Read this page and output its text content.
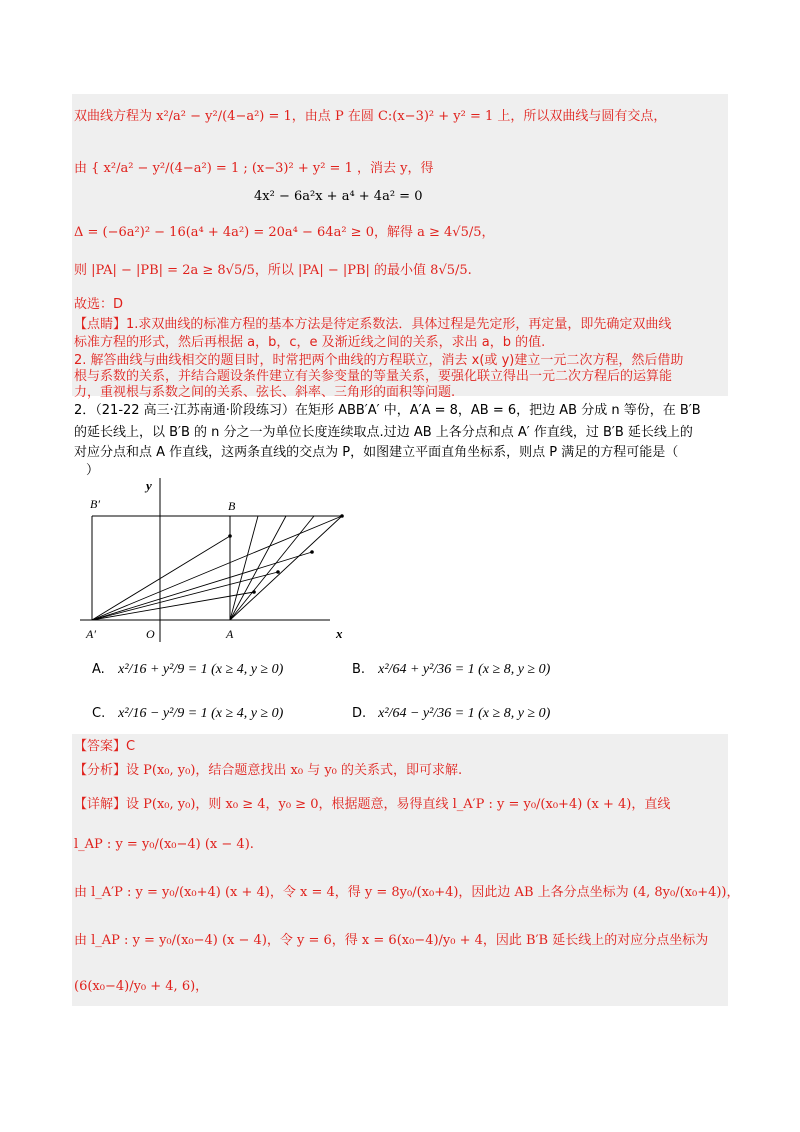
双曲线方程为 x²/a² − y²/(4−a²) = 1，由点 P 在圆 C:(x−3)² + y² = 1 上，所以双曲线与圆有交点，
由 { x²/a² − y²/(4−a²) = 1 ; (x−3)² + y² = 1 ，消去 y，得
4x² − 6a²x + a⁴ + 4a² = 0
Δ = (−6a²)² − 16(a⁴ + 4a²) = 20a⁴ − 64a² ≥ 0，解得 a ≥ 4√5/5，
则 |PA| − |PB| = 2a ≥ 8√5/5，所以 |PA| − |PB| 的最小值 8√5/5.
故选：D
【点睛】1.求双曲线的标准方程的基本方法是待定系数法．具体过程是先定形，再定量，即先确定双曲线
标准方程的形式，然后再根据 a，b，c，e 及渐近线之间的关系，求出 a，b 的值.
2. 解答曲线与曲线相交的题目时，时常把两个曲线的方程联立，消去 x(或 y)建立一元二次方程，然后借助
根与系数的关系，并结合题设条件建立有关参变量的等量关系，要强化联立得出一元二次方程后的运算能
力，重视根与系数之间的关系、弦长、斜率、三角形的面积等问题.
2．（21-22 高三·江苏南通·阶段练习）在矩形 ABB′A′ 中，A′A = 8，AB = 6，把边 AB 分成 n 等份，在 B′B
的延长线上，以 B′B 的 n 分之一为单位长度连续取点.过边 AB 上各分点和点 A′ 作直线，过 B′B 延长线上的
对应分点和点 A 作直线，这两条直线的交点为 P，如图建立平面直角坐标系，则点 P 满足的方程可能是（
）
B′	B
y
A′	O	A	x
A. x²/16 + y²/9 = 1 (x ≥ 4, y ≥ 0)	B. x²/64 + y²/36 = 1 (x ≥ 8, y ≥ 0)
C. x²/16 − y²/9 = 1 (x ≥ 4, y ≥ 0)	D. x²/64 − y²/36 = 1 (x ≥ 8, y ≥ 0)
【答案】C
【分析】设 P(x₀, y₀)，结合题意找出 x₀ 与 y₀ 的关系式，即可求解.
【详解】设 P(x₀, y₀)，则 x₀ ≥ 4，y₀ ≥ 0，根据题意，易得直线 l_A′P : y = y₀/(x₀+4) (x + 4)，直线
l_AP : y = y₀/(x₀−4) (x − 4).
由 l_A′P : y = y₀/(x₀+4) (x + 4)，令 x = 4，得 y = 8y₀/(x₀+4)，因此边 AB 上各分点坐标为 (4, 8y₀/(x₀+4))，
由 l_AP : y = y₀/(x₀−4) (x − 4)，令 y = 6，得 x = 6(x₀−4)/y₀ + 4，因此 B′B 延长线上的对应分点坐标为
(6(x₀−4)/y₀ + 4, 6)，
